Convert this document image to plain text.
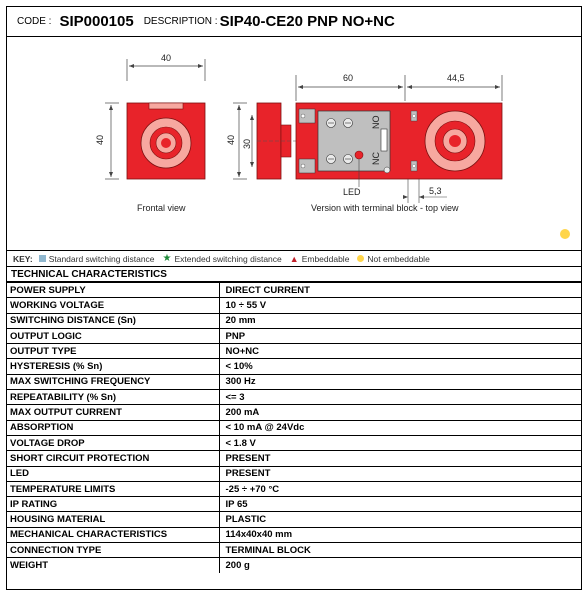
CODE : SIP000105 DESCRIPTION : SIP40-CE20 PNP NO+NC
40
40
Frontal view
40 30
60	44,5
NO
NC
LED	5,3
Version with terminal block - top view
KEY: Standard switching distance ★ Extended switching distance ▲ Embeddable Not embeddable
TECHNICAL CHARACTERISTICS
POWER SUPPLY	DIRECT CURRENT
WORKING VOLTAGE	10 ÷ 55 V
SWITCHING DISTANCE (Sn)	20 mm
OUTPUT LOGIC	PNP
OUTPUT TYPE	NO+NC
HYSTERESIS (% Sn)	< 10%
MAX SWITCHING FREQUENCY	300 Hz
REPEATABILITY (% Sn)	<= 3
MAX OUTPUT CURRENT	200 mA
ABSORPTION	< 10 mA @ 24Vdc
VOLTAGE DROP	< 1.8 V
SHORT CIRCUIT PROTECTION	PRESENT
LED	PRESENT
TEMPERATURE LIMITS	-25 ÷ +70 °C
IP RATING	IP 65
HOUSING MATERIAL	PLASTIC
MECHANICAL CHARACTERISTICS	114x40x40 mm
CONNECTION TYPE	TERMINAL BLOCK
WEIGHT	200 g
